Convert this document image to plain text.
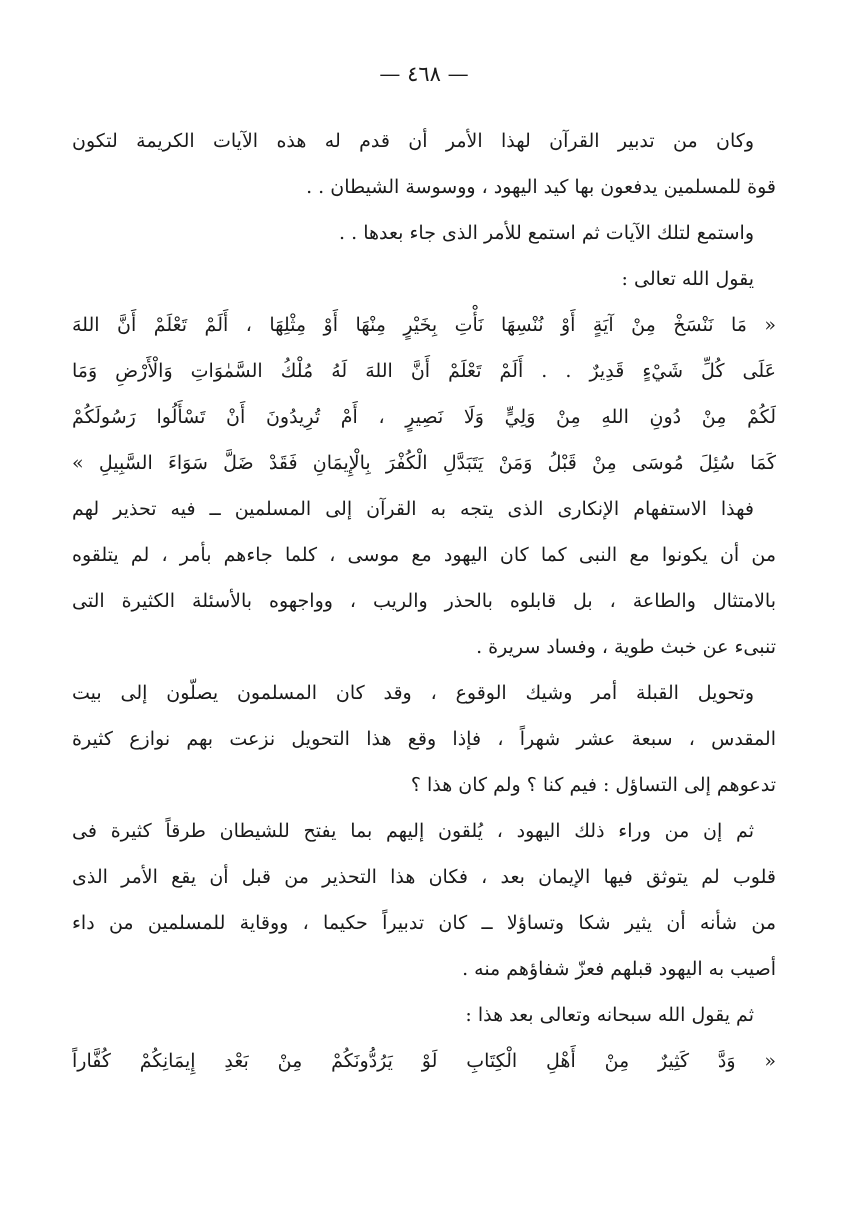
— ٤٦٨ —
وكان من تدبير القرآن لهذا الأمر أن قدم له هذه الآيات الكريمة لتكون
قوة للمسلمين يدفعون بها كيد اليهود ، ووسوسة الشيطان . .
واستمع لتلك الآيات ثم استمع للأمر الذى جاء بعدها . .
يقول الله تعالى :
« مَا نَنْسَخْ مِنْ آيَةٍ أَوْ نُنْسِهَا نَأْتِ بِخَيْرٍ مِنْهَا أَوْ مِثْلِهَا ، أَلَمْ تَعْلَمْ أَنَّ اللهَ
عَلَى كُلِّ شَيْءٍ قَدِيرٌ . . أَلَمْ تَعْلَمْ أَنَّ اللهَ لَهُ مُلْكُ السَّمٰوَاتِ وَالْأَرْضِ وَمَا
لَكُمْ مِنْ دُونِ اللهِ مِنْ وَلِيٍّ وَلَا نَصِيرٍ ، أَمْ تُرِيدُونَ أَنْ تَسْأَلُوا رَسُولَكُمْ
كَمَا سُئِلَ مُوسَى مِنْ قَبْلُ وَمَنْ يَتَبَدَّلِ الْكُفْرَ بِالْإِيمَانِ فَقَدْ ضَلَّ سَوَاءَ السَّبِيلِ »
فهذا الاستفهام الإنكارى الذى يتجه به القرآن إلى المسلمين ــ فيه تحذير لهم
من أن يكونوا مع النبى كما كان اليهود مع موسى ، كلما جاءهم بأمر ، لم يتلقوه
بالامتثال والطاعة ، بل قابلوه بالحذر والريب ، وواجهوه بالأسئلة الكثيرة التى
تنبىء عن خبث طوية ، وفساد سريرة .
وتحويل القبلة أمر وشيك الوقوع ، وقد كان المسلمون يصلّون إلى بيت
المقدس ، سبعة عشر شهراً ، فإذا وقع هذا التحويل نزعت بهم نوازع كثيرة
تدعوهم إلى التساؤل : فيم كنا ؟ ولم كان هذا ؟
ثم إن من وراء ذلك اليهود ، يُلقون إليهم بما يفتح للشيطان طرقاً كثيرة فى
قلوب لم يتوثق فيها الإيمان بعد ، فكان هذا التحذير من قبل أن يقع الأمر الذى
من شأنه أن يثير شكا وتساؤلا ــ كان تدبيراً حكيما ، ووقاية للمسلمين من داء
أصيب به اليهود قبلهم فعزّ شفاؤهم منه .
ثم يقول الله سبحانه وتعالى بعد هذا :
« وَدَّ كَثِيرٌ مِنْ أَهْلِ الْكِتَابِ لَوْ يَرُدُّونَكُمْ مِنْ بَعْدِ إِيمَانِكُمْ كُفَّاراً
